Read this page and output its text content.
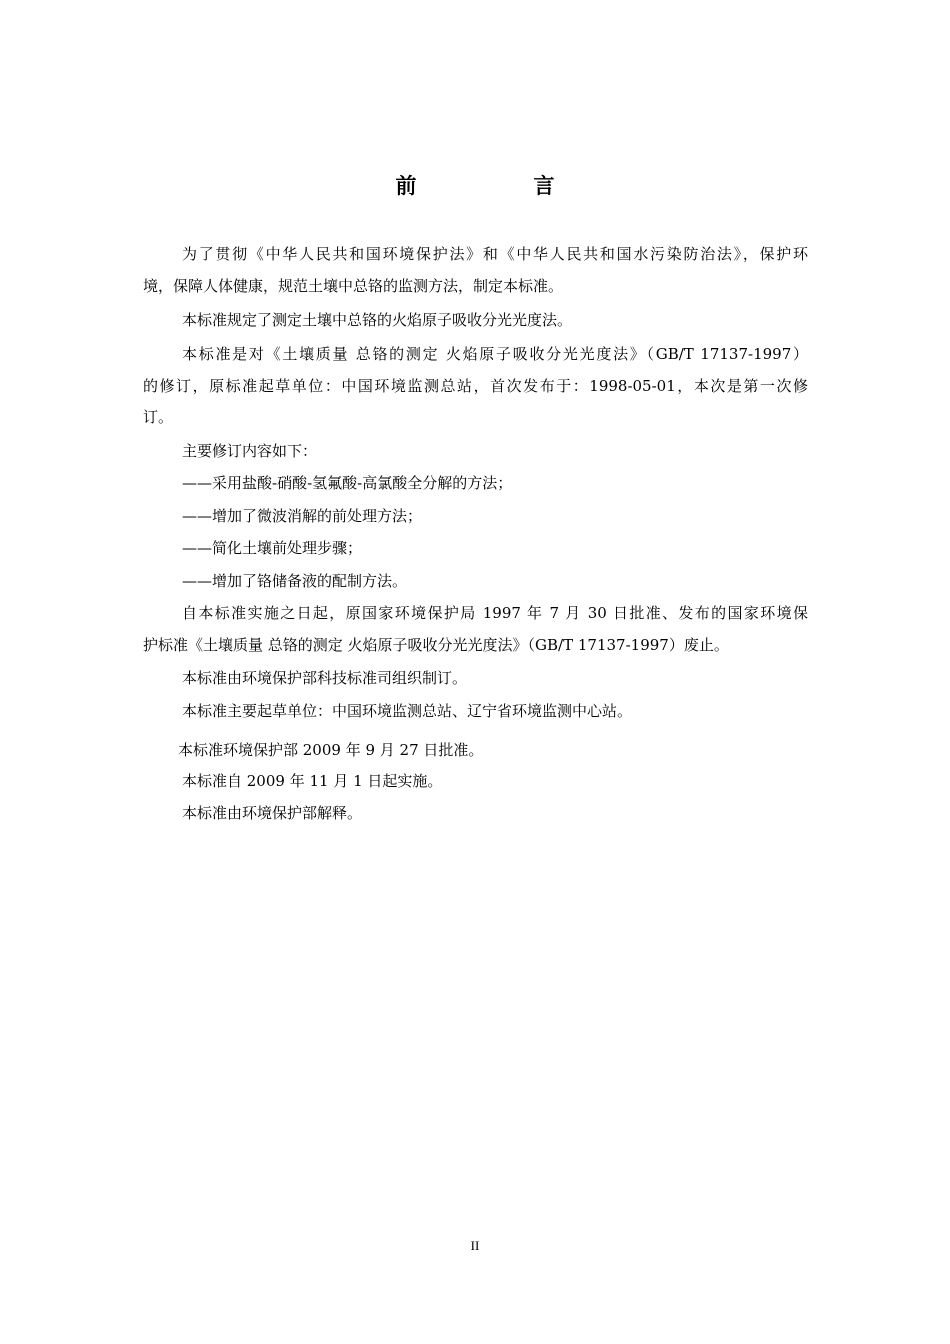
前　言
为了贯彻《中华人民共和国环境保护法》和《中华人民共和国水污染防治法》，保护环
境，保障人体健康，规范土壤中总铬的监测方法，制定本标准。
本标准规定了测定土壤中总铬的火焰原子吸收分光光度法。
本标准是对《土壤质量 总铬的测定 火焰原子吸收分光光度法》（GB/T 17137-1997）
的修订，原标准起草单位：中国环境监测总站，首次发布于：1998-05-01，本次是第一次修
订。
主要修订内容如下：
——采用盐酸-硝酸-氢氟酸-高氯酸全分解的方法；
——增加了微波消解的前处理方法；
——简化土壤前处理步骤；
——增加了铬储备液的配制方法。
自本标准实施之日起，原国家环境保护局 1997 年 7 月 30 日批准、发布的国家环境保
护标准《土壤质量 总铬的测定 火焰原子吸收分光光度法》（GB/T 17137-1997）废止。
本标准由环境保护部科技标准司组织制订。
本标准主要起草单位：中国环境监测总站、辽宁省环境监测中心站。
本标准环境保护部 2009 年 9 月 27 日批准。
本标准自 2009 年 11 月 1 日起实施。
本标准由环境保护部解释。
II
